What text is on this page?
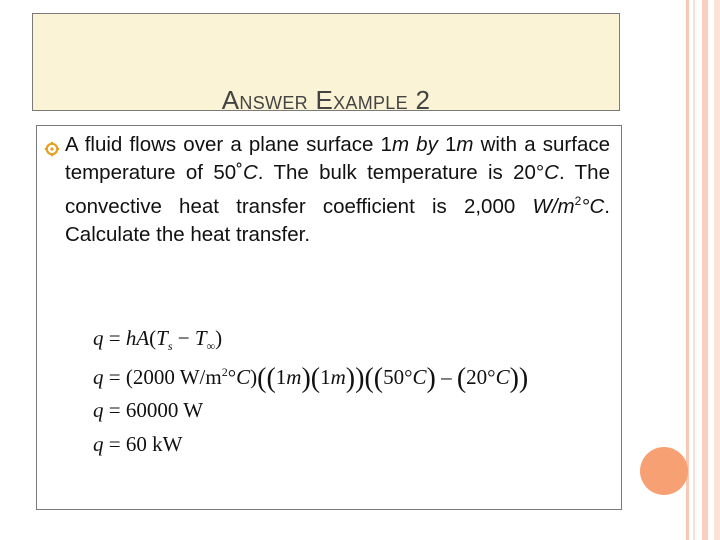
Answer Example 2
A fluid flows over a plane surface 1m by 1m with a surface temperature of 50˚C. The bulk temperature is 20°C. The convective heat transfer coefficient is 2,000 $W/m^2^\circ C$. Calculate the heat transfer.
$q = hA(T_s - T_\infty)$
q = (2000 $W/m^2^\circ C)((1m)(1m))((50^\circ C) - (20^\circ C))$
q = 60000 W
q = 60 kW
